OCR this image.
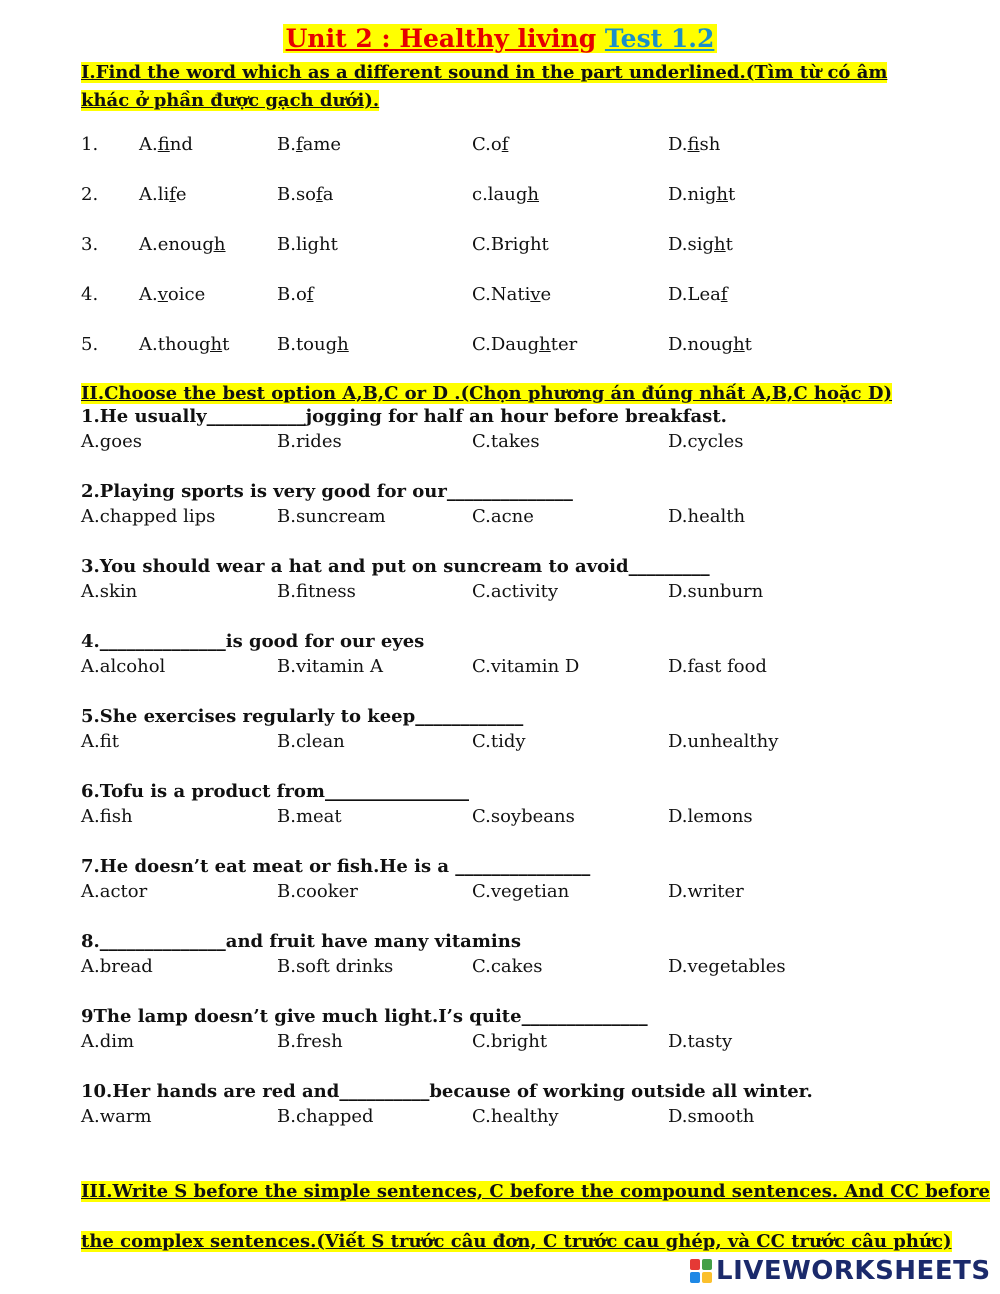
Unit 2 : Healthy living Test 1.2
I.Find the word which as a different sound in the part underlined.(Tìm từ có âm khác ở phần được gạch dưới).
1. A.find	B.fame	C.of	D.fish
2. A.life	B.sofa	c.laugh	D.night
3. A.enough	B.light	C.Bright	D.sight
4. A.voice	B.of	C.Native	D.Leaf
5. A.thought	B.tough	C.Daughter	D.nought
II.Choose the best option A,B,C or D .(Chọn phương án đúng nhất A,B,C hoặc D)
1.He usually___________jogging for half an hour before breakfast.
A.goes	B.rides	C.takes	D.cycles
2.Playing sports is very good for our______________
A.chapped lips	B.suncream	C.acne	D.health
3.You should wear a hat and put on suncream to avoid_________
A.skin	B.fitness	C.activity	D.sunburn
4.______________is good for our eyes
A.alcohol	B.vitamin A	C.vitamin D	D.fast food
5.She exercises regularly to keep____________
A.fit	B.clean	C.tidy	D.unhealthy
6.Tofu is a product from________________
A.fish	B.meat	C.soybeans	D.lemons
7.He doesn’t eat meat or fish.He is a _______________
A.actor	B.cooker	C.vegetian	D.writer
8.______________and fruit have many vitamins
A.bread	B.soft drinks	C.cakes	D.vegetables
9The lamp doesn’t give much light.I’s quite______________
A.dim	B.fresh	C.bright	D.tasty
10.Her hands are red and__________because of working outside all winter.
A.warm	B.chapped	C.healthy	D.smooth
III.Write S before the simple sentences, C before the compound sentences. And CC before
the complex sentences.(Viết S trước câu đơn, C trước cau ghép, và CC trước câu phức)
LIVEWORKSHEETS
